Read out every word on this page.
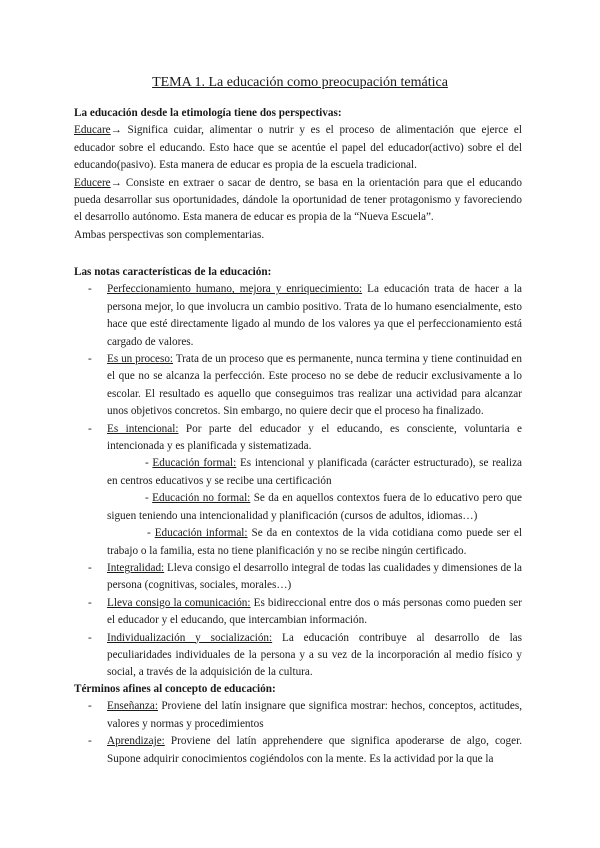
TEMA 1. La educación como preocupación temática

La educación desde la etimología tiene dos perspectivas:

Educare→ Significa cuidar, alimentar o nutrir y es el proceso de alimentación que ejerce el educador sobre el educando. Esto hace que se acentúe el papel del educador(activo) sobre el del educando(pasivo). Esta manera de educar es propia de la escuela tradicional.

Educere→ Consiste en extraer o sacar de dentro, se basa en la orientación para que el educando pueda desarrollar sus oportunidades, dándole la oportunidad de tener protagonismo y favoreciendo el desarrollo autónomo. Esta manera de educar es propia de la “Nueva Escuela”.

Ambas perspectivas son complementarias.

Las notas características de la educación:

- Perfeccionamiento humano, mejora y enriquecimiento: La educación trata de hacer a la persona mejor, lo que involucra un cambio positivo. Trata de lo humano esencialmente, esto hace que esté directamente ligado al mundo de los valores ya que el perfeccionamiento está cargado de valores.
- Es un proceso: Trata de un proceso que es permanente, nunca termina y tiene continuidad en el que no se alcanza la perfección. Este proceso no se debe de reducir exclusivamente a lo escolar. El resultado es aquello que conseguimos tras realizar una actividad para alcanzar unos objetivos concretos. Sin embargo, no quiere decir que el proceso ha finalizado.
- Es intencional: Por parte del educador y el educando, es consciente, voluntaria e intencionada y es planificada y sistematizada.
- Educación formal: Es intencional y planificada (carácter estructurado), se realiza en centros educativos y se recibe una certificación
- Educación no formal: Se da en aquellos contextos fuera de lo educativo pero que siguen teniendo una intencionalidad y planificación (cursos de adultos, idiomas…)
- Educación informal: Se da en contextos de la vida cotidiana como puede ser el trabajo o la familia, esta no tiene planificación y no se recibe ningún certificado.
- Integralidad: Lleva consigo el desarrollo integral de todas las cualidades y dimensiones de la persona (cognitivas, sociales, morales…)
- Lleva consigo la comunicación: Es bidireccional entre dos o más personas como pueden ser el educador y el educando, que intercambian información.
- Individualización y socialización: La educación contribuye al desarrollo de las peculiaridades individuales de la persona y a su vez de la incorporación al medio físico y social, a través de la adquisición de la cultura.

Términos afines al concepto de educación:

- Enseñanza: Proviene del latín insignare que significa mostrar: hechos, conceptos, actitudes, valores y normas y procedimientos
- Aprendizaje: Proviene del latín apprehendere que significa apoderarse de algo, coger. Supone adquirir conocimientos cogiéndolos con la mente. Es la actividad por la que la
